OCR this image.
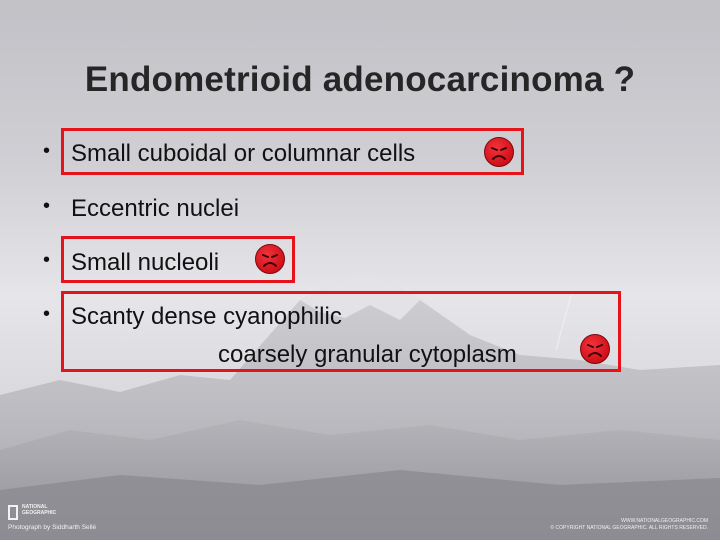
Endometrioid adenocarcinoma ?
• Small cuboidal or columnar cells
• Eccentric nuclei
• Small nucleoli
• Scanty dense cyanophilic
coarsely granular cytoplasm
NATIONAL GEOGRAPHIC
Photograph by Siddharth Sellé
WWW.NATIONALGEOGRAPHIC.COM
© COPYRIGHT NATIONAL GEOGRAPHIC. ALL RIGHTS RESERVED.
